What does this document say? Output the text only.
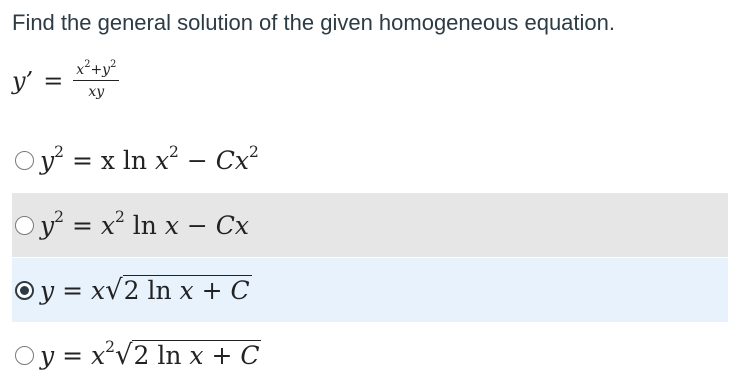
Find the general solution of the given homogeneous equation.
y’ = $\frac{x^2+y^2}{xy}$
$y^2 = x$ $\ln x^2 - Cx^2$
$y^2 = x^2$ ln x − Cx
y = x√2 ln x + C
$y = x^2√2$ ln x + C
